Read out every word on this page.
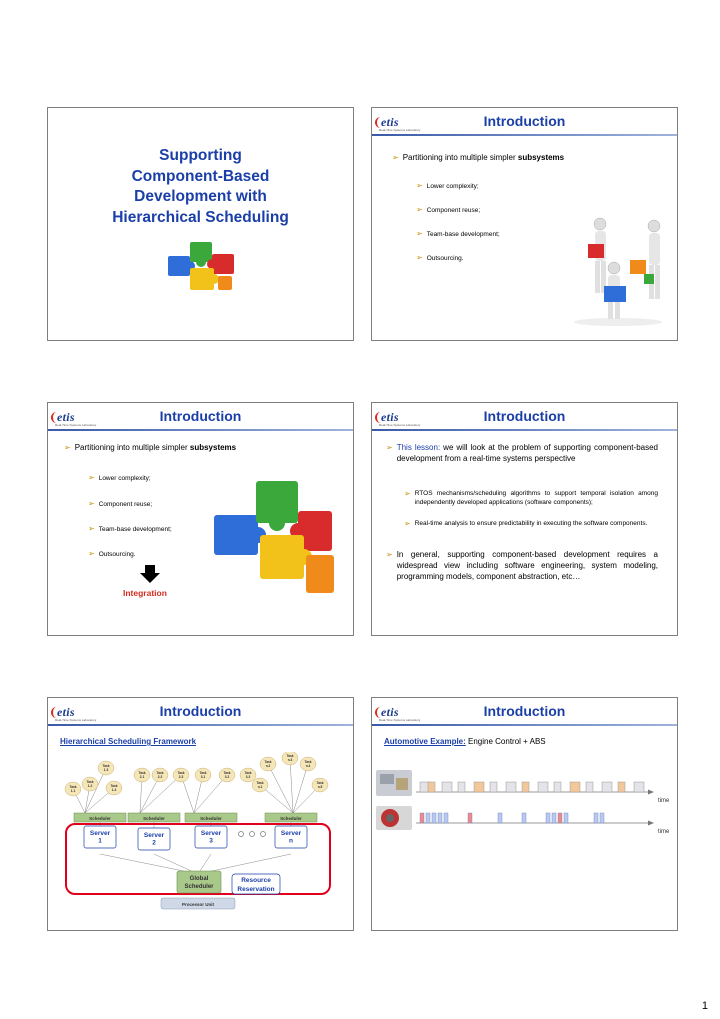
Supporting
Component-Based
Development with
Hierarchical Scheduling
etis
Real-Time Systems Laboratory
Introduction
➢ Partitioning into multiple simpler subsystems
➢ Lower complexity;
➢ Component reuse;
➢ Team-base development;
➢ Outsourcing.
etis
Real-Time Systems Laboratory
Introduction
➢ Partitioning into multiple simpler subsystems
➢ Lower complexity;
➢ Component reuse;
➢ Team-base development;
➢ Outsourcing.
Integration
etis
Real-Time Systems Laboratory
Introduction
➢ This lesson: we will look at the problem of supporting component-based development from a real-time systems perspective
➢ RTOS mechanisms/scheduling algorithms to support temporal isolation among independently developed applications (software components);
➢ Real-time analysis to ensure predictability in executing the software components.
➢ In general, supporting component-based development requires a widespread view including software engineering, system modeling, programming models, component abstraction, etc…
etis
Real-Time Systems Laboratory
Introduction
Hierarchical Scheduling Framework
Task
1.1
Task
1.2
Task
1.3
Task
1.4
Task
2.1
Task
2.2
Task
2.3
Task
3.1
Task
3.2
Task
3.3
Task
n.1
Task
n.2
Task
n.3	Task
n.4
Task
n.5
Scheduler	Scheduler	Scheduler	Scheduler
Server
1
Server
2
Server
3
Server
n
Global
Scheduler
Resource
Reservation
Processor Unit
etis
Real-Time Systems Laboratory
Introduction
Automotive Example: Engine Control + ABS
time
time
1
